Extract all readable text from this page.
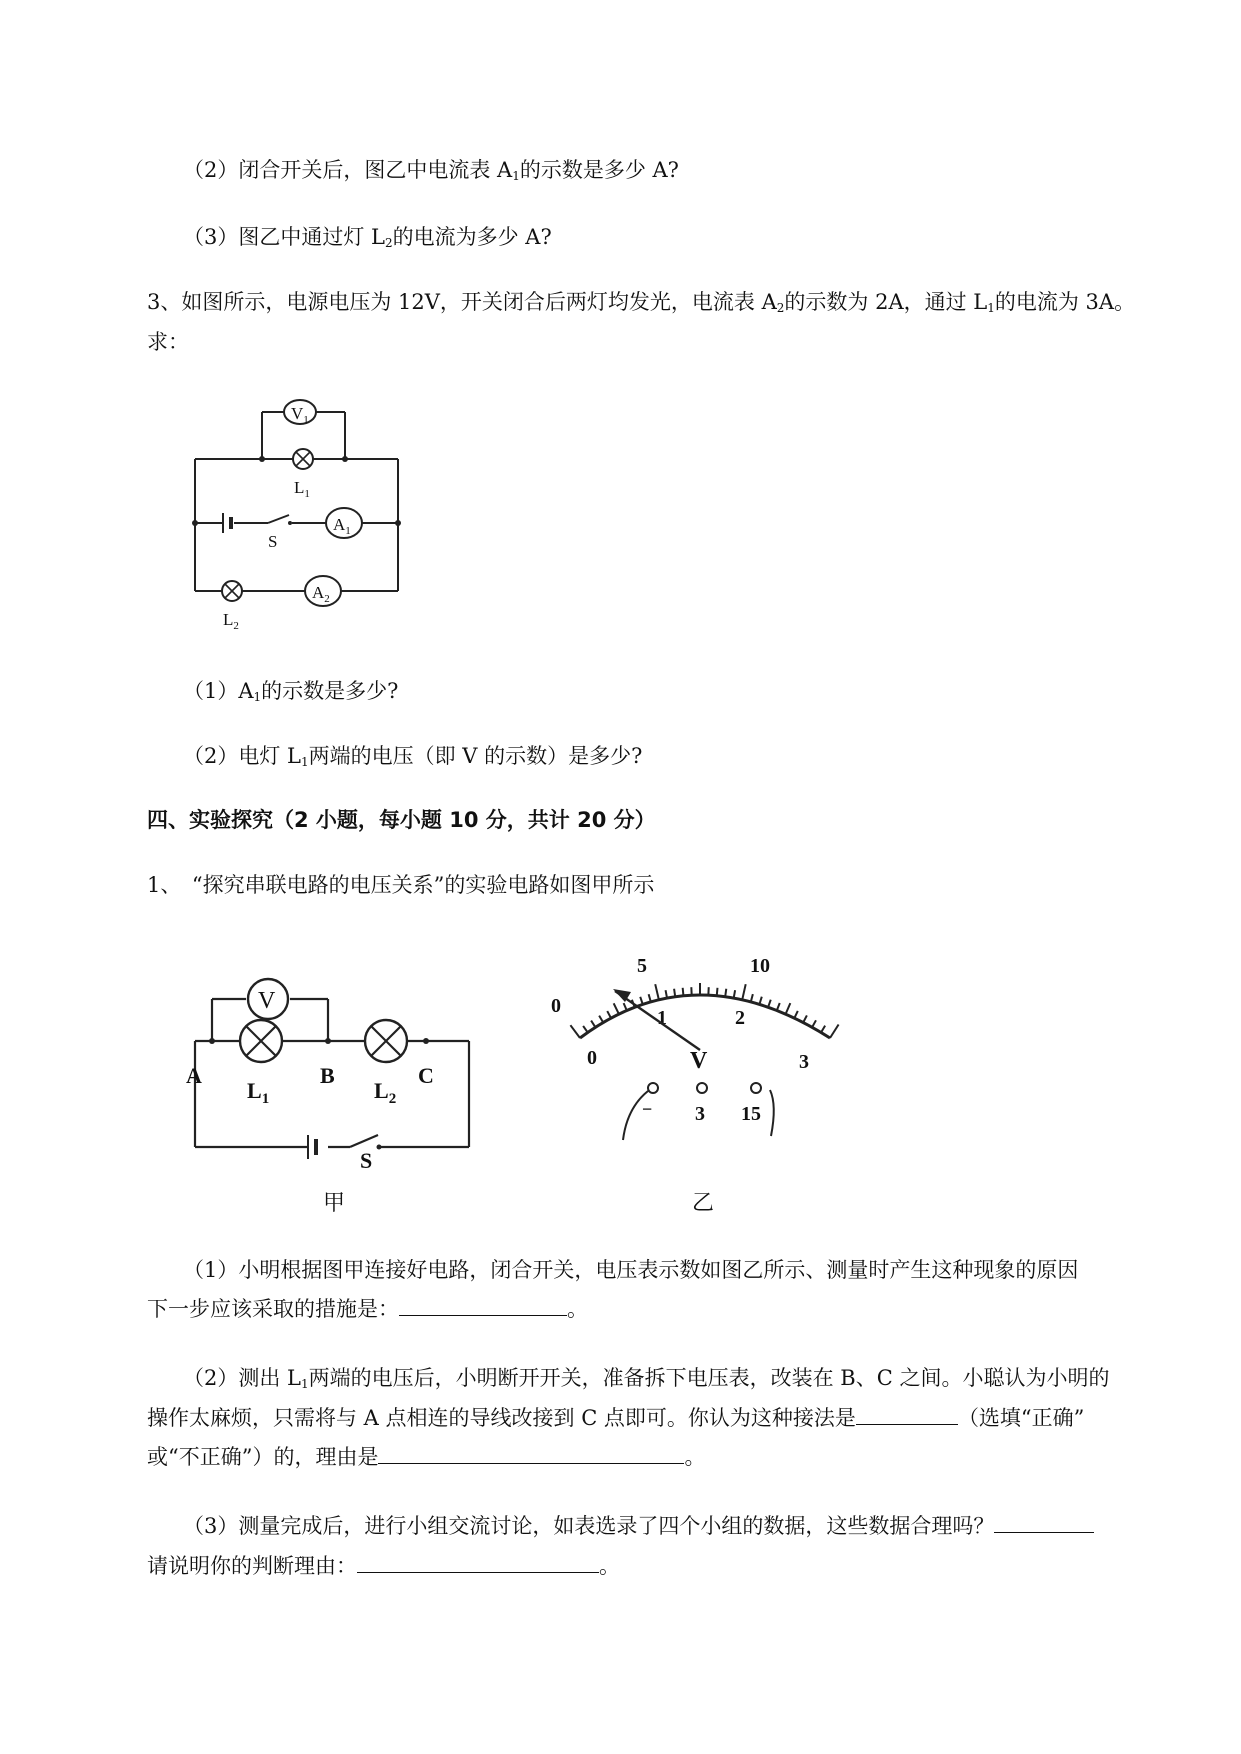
（2）闭合开关后，图乙中电流表 $A_1$的示数是多少 A?
（3）图乙中通过灯 $L_2$的电流为多少 A?
3、如图所示，电源电压为 12V，开关闭合后两灯均发光，电流表 $A_2$的示数为 2A，通过 $L_1$的电流为 3A。
求：
$V_1$
$L_1$
S
$A_1$
$L_2$
$A_2$
$(1)A_1$的示数是多少?
（2）电灯 $L_1$两端的电压（即 V 的示数）是多少?
四、实验探究（2 小题，每小题 10 分，共计 20 分）
1、　“探究串联电路的电压关系”的实验电路如图甲所示
V
A	B	C
$L_1$	$L_2$
S
甲
5	10
0
0
1	2
3
V
− 3 15
乙
（1）小明根据图甲连接好电路，闭合开关，电压表示数如图乙所示、测量时产生这种现象的原因
下一步应该采取的措施是：	。
（2）测出 $L_1$两端的电压后，小明断开开关，准备拆下电压表，改装在 B、C 之间。小聪认为小明的
操作太麻烦，只需将与 A 点相连的导线改接到 C 点即可。你认为这种接法是	（选填“正确”
或“不正确”）的，理由是	。
（3）测量完成后，进行小组交流讨论，如表选录了四个小组的数据，这些数据合理吗？
请说明你的判断理由：	。
